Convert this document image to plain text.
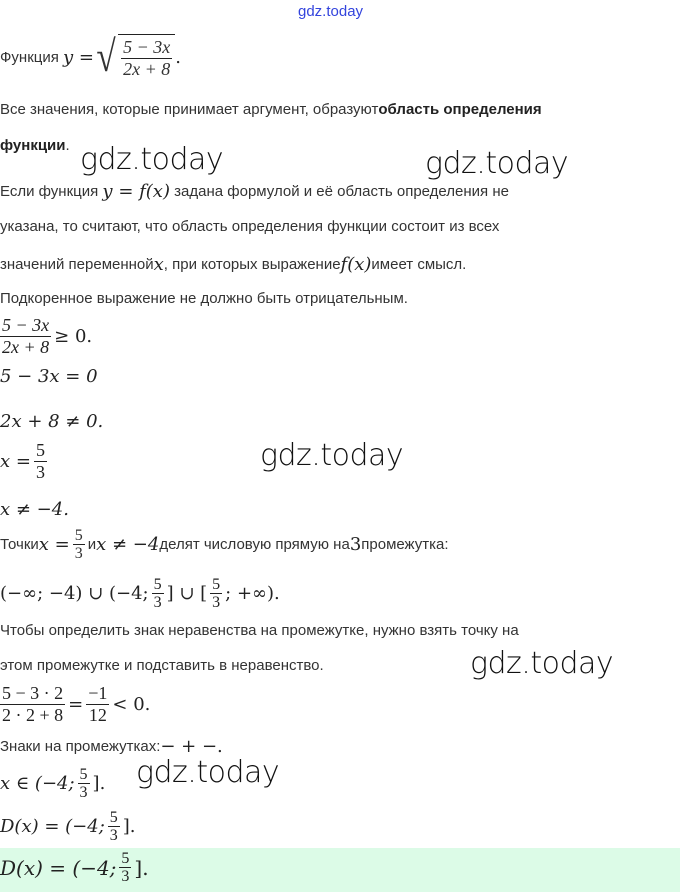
gdz.today
Функция
y = √ $\frac{5 - 3x}{2x + 8}$ .
Все значения, которые принимает аргумент, образуют область определения
функции .
Если функция
y = f(x)
задана формулой и её область определения не
указана, то считают, что область определения функции состоит из всех
значений переменной x , при которых выражение f(x) имеет смысл.
Подкоренное выражение не должно быть отрицательным.
$\frac{5 - 3x}{2x + 8} \ge 0$.
5 − 3x = 0
2x + 8 ≠ 0.
$x = \frac{5}{3}$
x ≠ −4.
Точки $x = \frac{5}{3}$ и x ≠ −4 делят числовую прямую на 3 промежутка:
(−∞; −4) ∪ (−4; $\frac{5}{3}$ ] ∪ [ $\frac{5}{3}$ ; +∞).
Чтобы определить знак неравенства на промежутке, нужно взять точку на
этом промежутке и подставить в неравенство.
$\frac{5 - 3 \cdot 2}{2 \cdot 2 + 8} = \frac{-1}{12} < 0$.
Знаки на промежутках: − + −.
x ∈ (−4; $\frac{5}{3}$ ].
D(x) = (−4; $\frac{5}{3}$ ].
D(x) = (−4; $\frac{5}{3}$ ].
gdz.today	gdz.today
gdz.today
gdz.today
gdz.today
